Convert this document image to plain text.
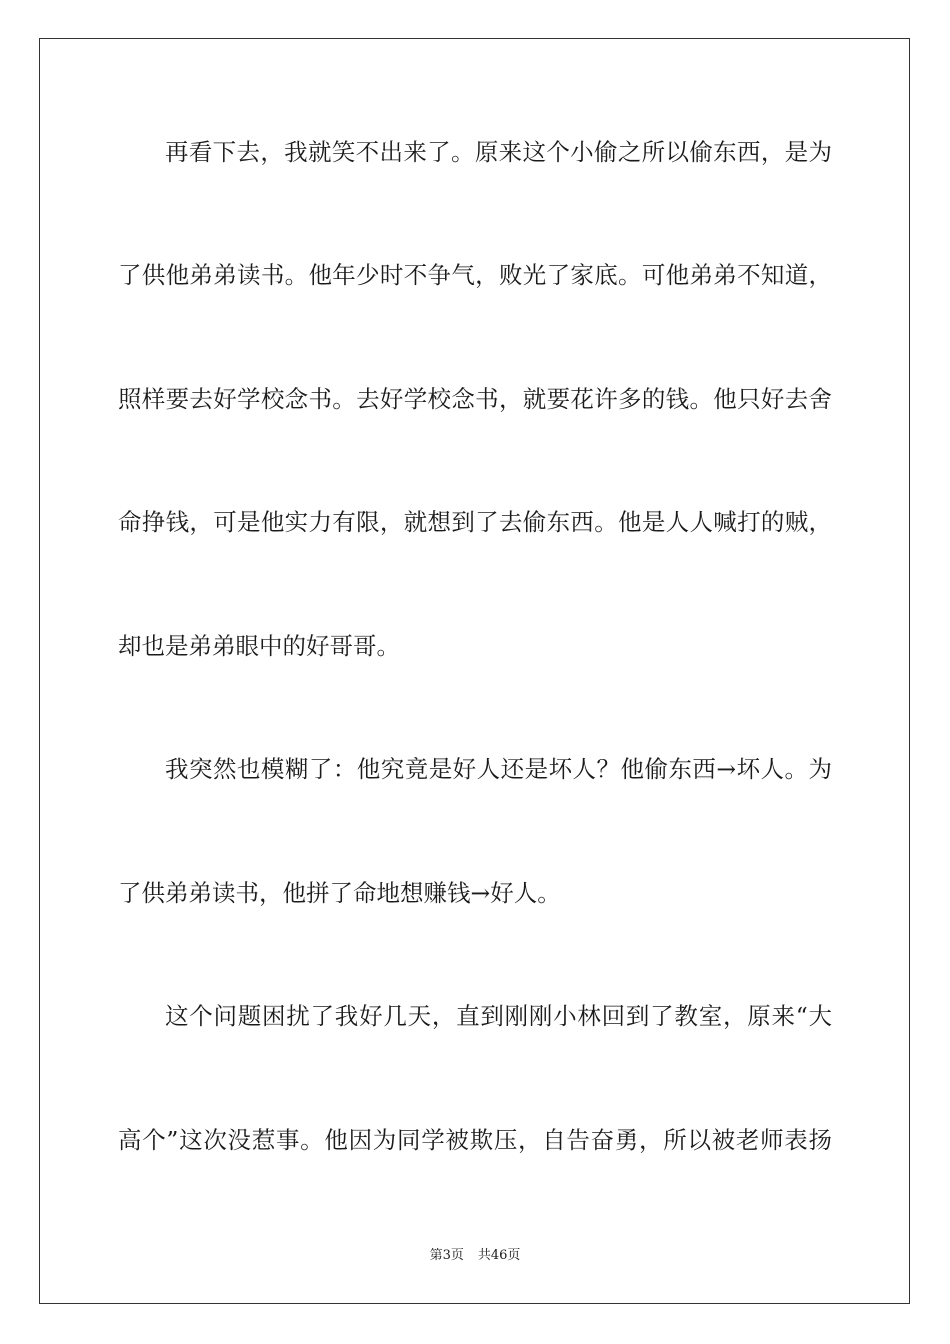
再看下去，我就笑不出来了。原来这个小偷之所以偷东西，是为
了供他弟弟读书。他年少时不争气，败光了家底。可他弟弟不知道，
照样要去好学校念书。去好学校念书，就要花许多的钱。他只好去舍
命挣钱，可是他实力有限，就想到了去偷东西。他是人人喊打的贼，
却也是弟弟眼中的好哥哥。
我突然也模糊了：他究竟是好人还是坏人？他偷东西→坏人。为
了供弟弟读书，他拼了命地想赚钱→好人。
这个问题困扰了我好几天，直到刚刚小林回到了教室，原来“大
高个”这次没惹事。他因为同学被欺压，自告奋勇，所以被老师表扬
第3页 共46页
